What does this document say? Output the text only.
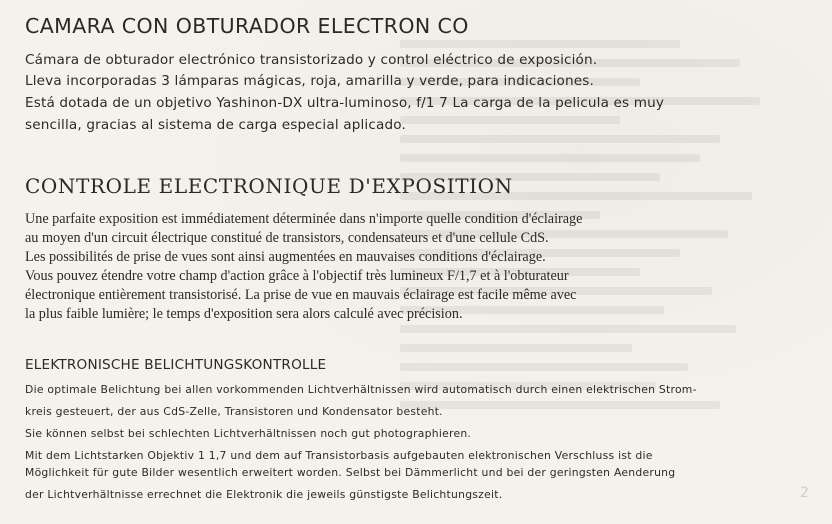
CAMARA CON OBTURADOR ELECTRON CO

Cámara de obturador electrónico transistorizado y control eléctrico de exposición.

Lleva incorporadas 3 lámparas mágicas, roja, amarilla y verde, para indicaciones.

Está dotada de un objetivo Yashinon-DX ultra-luminoso, f/1 7 La carga de la pelicula es muy

sencilla, gracias al sistema de carga especial aplicado.

CONTROLE ELECTRONIQUE D'EXPOSITION

Une parfaite exposition est immédiatement déterminée dans n'importe quelle condition d'éclairage

au moyen d'un circuit électrique constitué de transistors, condensateurs et d'une cellule CdS.

Les possibilités de prise de vues sont ainsi augmentées en mauvaises conditions d'éclairage.

Vous pouvez étendre votre champ d'action grâce à l'objectif très lumineux F/1,7 et à l'obturateur

électronique entièrement transistorisé. La prise de vue en mauvais éclairage est facile même avec

la plus faible lumière; le temps d'exposition sera alors calculé avec précision.

ELEKTRONISCHE BELICHTUNGSKONTROLLE

Die optimale Belichtung bei allen vorkommenden Lichtverhältnissen wird automatisch durch einen elektrischen Strom-

kreis gesteuert, der aus CdS-Zelle, Transistoren und Kondensator besteht.

Sie können selbst bei schlechten Lichtverhältnissen noch gut photographieren.

Mit dem Lichtstarken Objektiv 1 1,7 und dem auf Transistorbasis aufgebauten elektronischen Verschluss ist die

Möglichkeit für gute Bilder wesentlich erweitert worden. Selbst bei Dämmerlicht und bei der geringsten Aenderung

der Lichtverhältnisse errechnet die Elektronik die jeweils günstigste Belichtungszeit.	2
